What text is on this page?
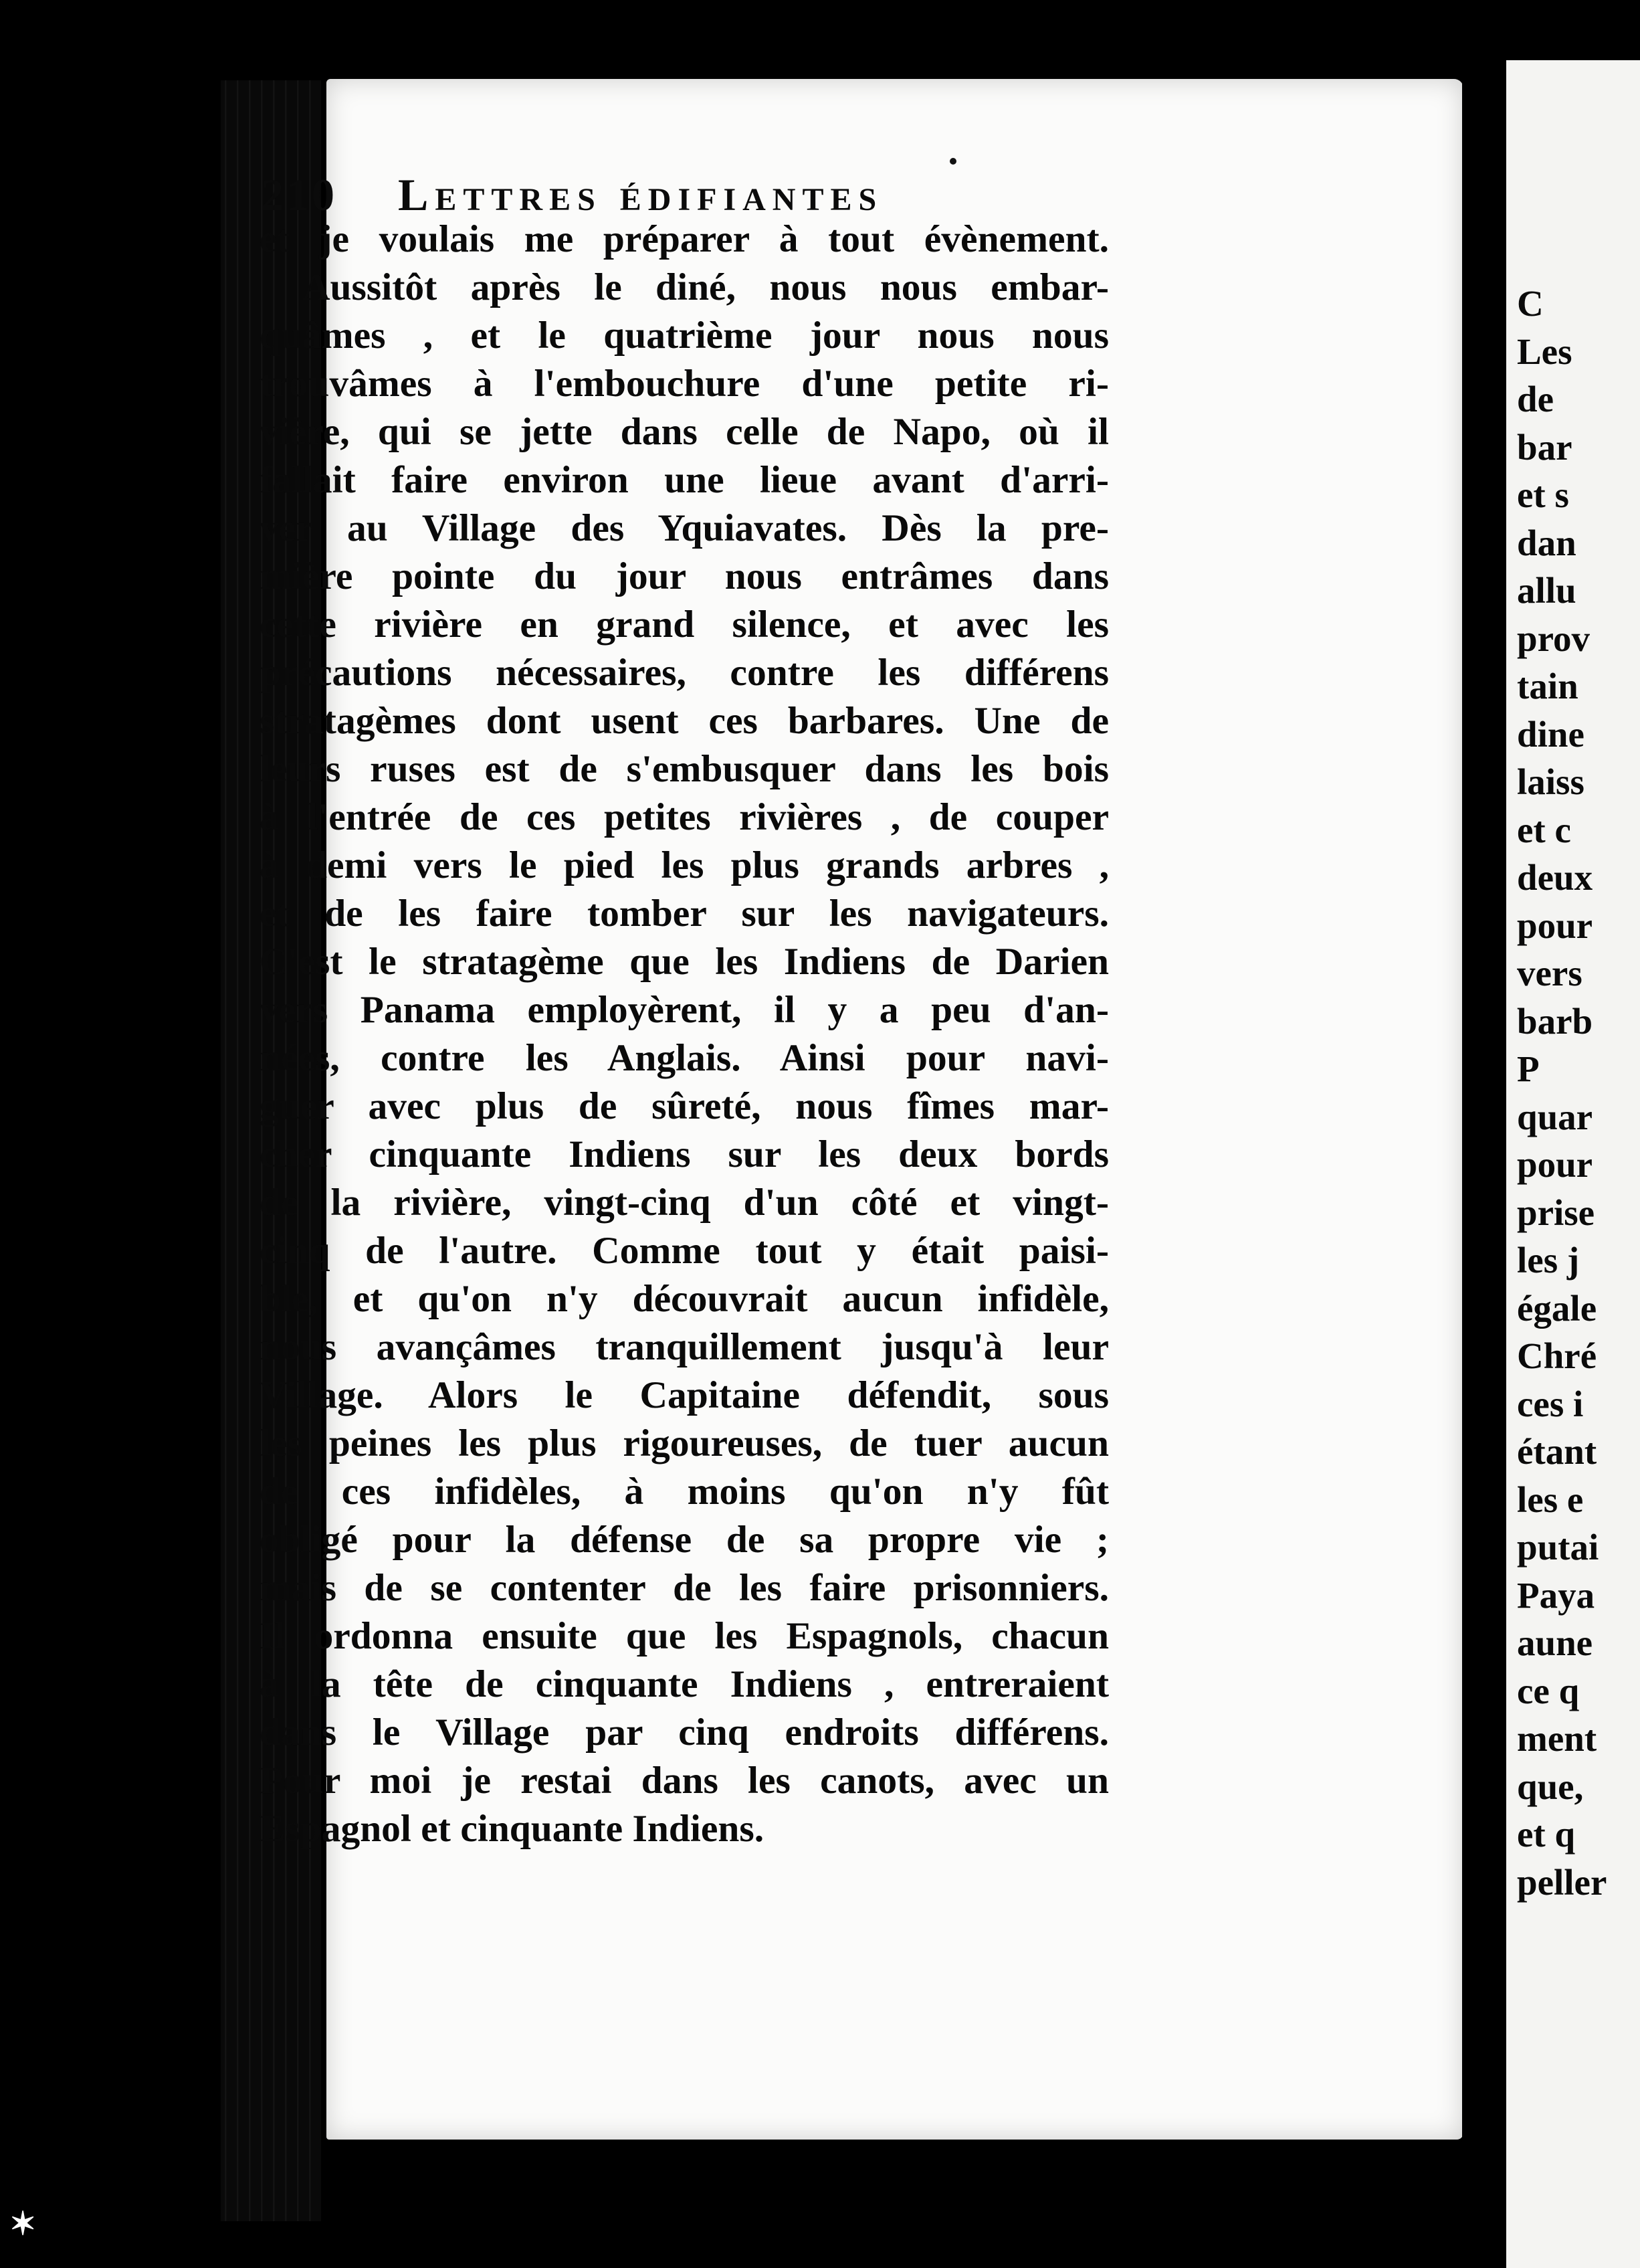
210 Lettres édifiantes
et je voulais me préparer à tout évènement.
Aussitôt après le diné, nous nous embar-
quâmes , et le quatrième jour nous nous
trouvâmes à l'embouchure d'une petite ri-
vière, qui se jette dans celle de Napo, où il
fallait faire environ une lieue avant d'arri-
ver au Village des Yquiavates. Dès la pre-
mière pointe du jour nous entrâmes dans
cette rivière en grand silence, et avec les
précautions nécessaires, contre les différens
stratagèmes dont usent ces barbares. Une de
leurs ruses est de s'embusquer dans les bois
à l'entrée de ces petites rivières , de couper
à demi vers le pied les plus grands arbres ,
et de les faire tomber sur les navigateurs.
C'est le stratagème que les Indiens de Darien
vers Panama employèrent, il y a peu d'an-
nées, contre les Anglais. Ainsi pour navi-
guer avec plus de sûreté, nous fîmes mar-
cher cinquante Indiens sur les deux bords
de la rivière, vingt-cinq d'un côté et vingt-
cinq de l'autre. Comme tout y était paisi-
ble, et qu'on n'y découvrait aucun infidèle,
nous avançâmes tranquillement jusqu'à leur
Village. Alors le Capitaine défendit, sous
les peines les plus rigoureuses, de tuer aucun
de ces infidèles, à moins qu'on n'y fût
obligé pour la défense de sa propre vie ;
mais de se contenter de les faire prisonniers.
Il ordonna ensuite que les Espagnols, chacun
à la tête de cinquante Indiens , entreraient
dans le Village par cinq endroits différens.
Pour moi je restai dans les canots, avec un
Espagnol et cinquante Indiens.
C
Les
de
bar
et s
dan
allu
prov
tain
dine
laiss
et c
deux
pour
vers
barb
P
quar
pour
prise
les j
égale
Chré
ces i
étant
les e
putai
Paya
aune
ce q
ment
que,
et q
peller
✶
